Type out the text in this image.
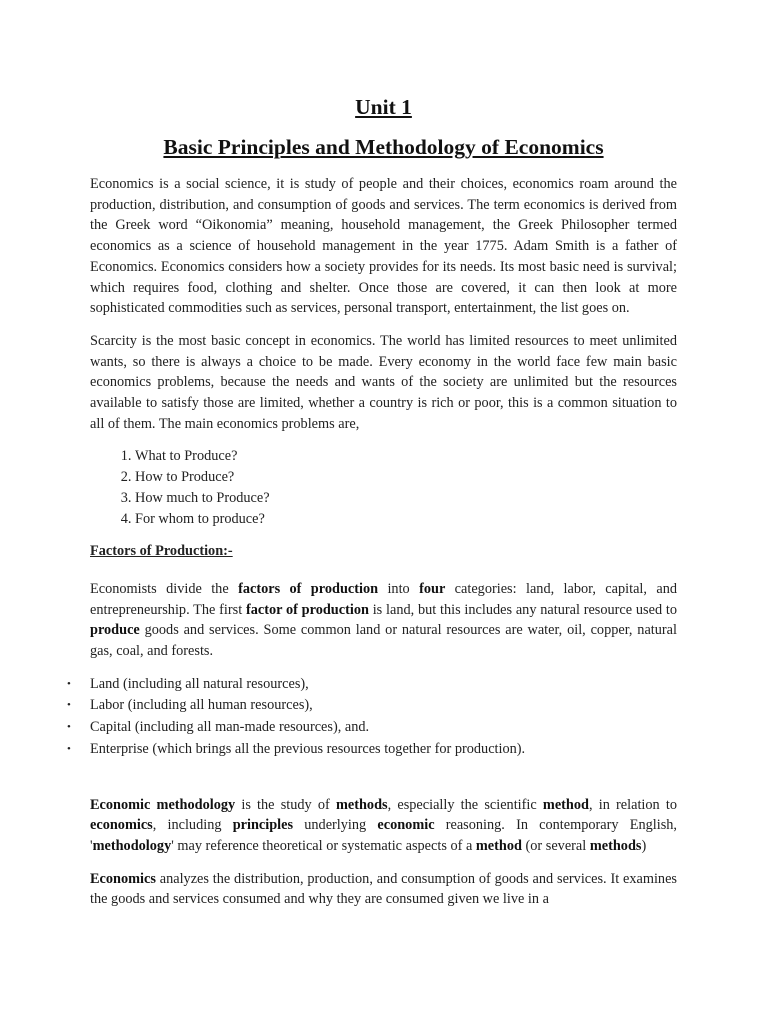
Unit 1
Basic Principles and Methodology of Economics

Economics is a social science, it is study of people and their choices, economics roam around the production, distribution, and consumption of goods and services. The term economics is derived from the Greek word “Oikonomia” meaning, household management, the Greek Philosopher termed economics as a science of household management in the year 1775. Adam Smith is a father of Economics. Economics considers how a society provides for its needs. Its most basic need is survival; which requires food, clothing and shelter. Once those are covered, it can then look at more sophisticated commodities such as services, personal transport, entertainment, the list goes on.

Scarcity is the most basic concept in economics. The world has limited resources to meet unlimited wants, so there is always a choice to be made. Every economy in the world face few main basic economics problems, because the needs and wants of the society are unlimited but the resources available to satisfy those are limited, whether a country is rich or poor, this is a common situation to all of them. The main economics problems are,

1. What to Produce?
2. How to Produce?
3. How much to Produce?
4. For whom to produce?

Factors of Production:-

Economists divide the factors of production into four categories: land, labor, capital, and entrepreneurship. The first factor of production is land, but this includes any natural resource used to produce goods and services. Some common land or natural resources are water, oil, copper, natural gas, coal, and forests.

• Land (including all natural resources),
• Labor (including all human resources),
• Capital (including all man-made resources), and.
• Enterprise (which brings all the previous resources together for production).

Economic methodology is the study of methods, especially the scientific method, in relation to economics, including principles underlying economic reasoning. In contemporary English, 'methodology' may reference theoretical or systematic aspects of a method (or several methods)

Economics analyzes the distribution, production, and consumption of goods and services. It examines the goods and services consumed and why they are consumed given we live in a
